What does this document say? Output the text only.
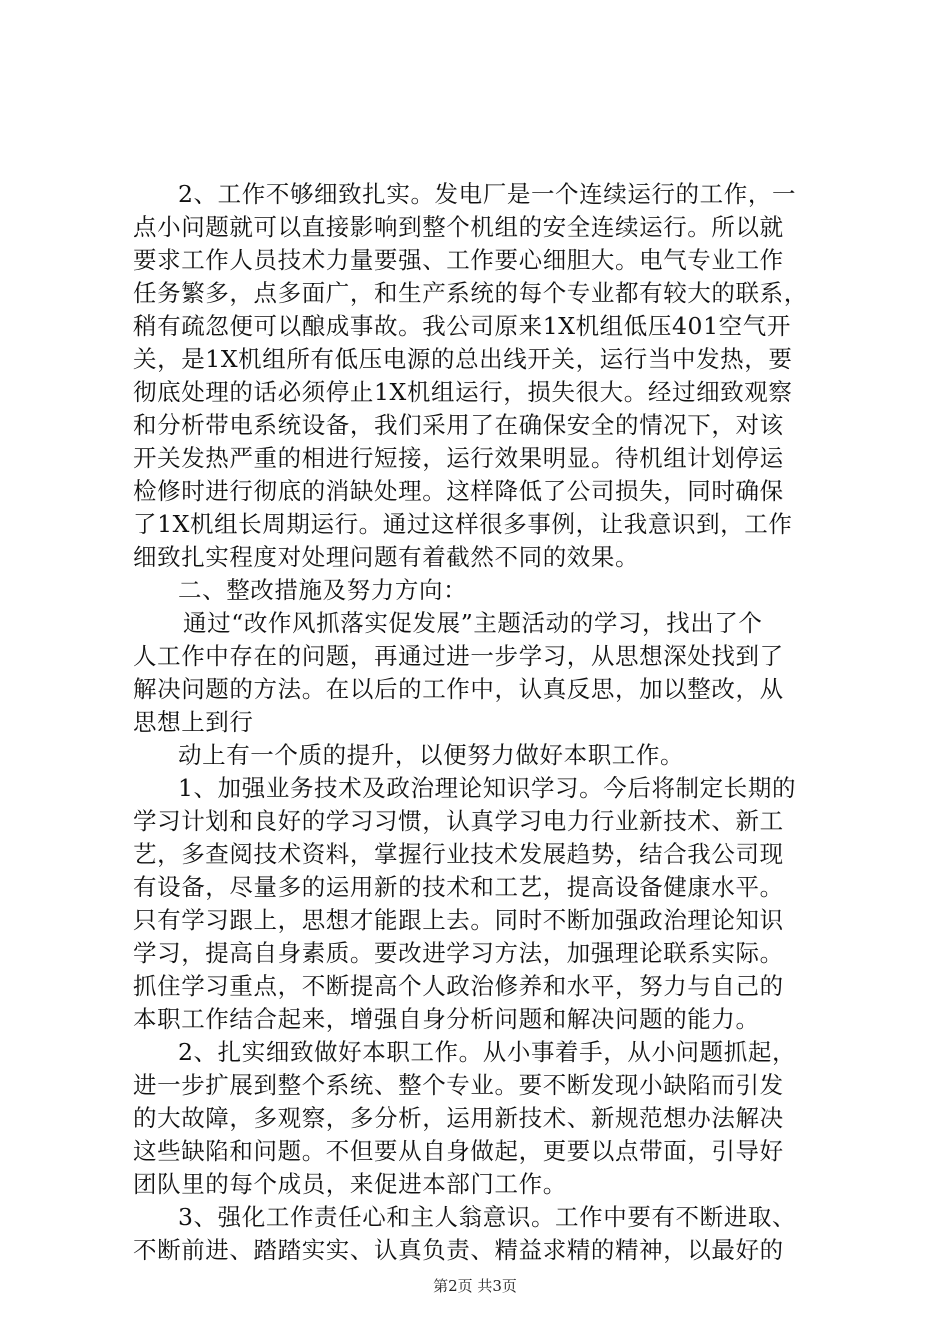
2、工作不够细致扎实。发电厂是一个连续运行的工作，一
点小问题就可以直接影响到整个机组的安全连续运行。所以就
要求工作人员技术力量要强、工作要心细胆大。电气专业工作
任务繁多，点多面广，和生产系统的每个专业都有较大的联系，
稍有疏忽便可以酿成事故。我公司原来1X机组低压401空气开
关，是1X机组所有低压电源的总出线开关，运行当中发热，要
彻底处理的话必须停止1X机组运行，损失很大。经过细致观察
和分析带电系统设备，我们采用了在确保安全的情况下，对该
开关发热严重的相进行短接，运行效果明显。待机组计划停运
检修时进行彻底的消缺处理。这样降低了公司损失，同时确保
了1X机组长周期运行。通过这样很多事例，让我意识到，工作
细致扎实程度对处理问题有着截然不同的效果。
二、整改措施及努力方向：
通过“改作风抓落实促发展”主题活动的学习，找出了个
人工作中存在的问题，再通过进一步学习，从思想深处找到了
解决问题的方法。在以后的工作中，认真反思，加以整改，从
思想上到行
动上有一个质的提升，以便努力做好本职工作。
1、加强业务技术及政治理论知识学习。今后将制定长期的
学习计划和良好的学习习惯，认真学习电力行业新技术、新工
艺，多查阅技术资料，掌握行业技术发展趋势，结合我公司现
有设备，尽量多的运用新的技术和工艺，提高设备健康水平。
只有学习跟上，思想才能跟上去。同时不断加强政治理论知识
学习，提高自身素质。要改进学习方法，加强理论联系实际。
抓住学习重点，不断提高个人政治修养和水平，努力与自己的
本职工作结合起来，增强自身分析问题和解决问题的能力。
2、扎实细致做好本职工作。从小事着手，从小问题抓起，
进一步扩展到整个系统、整个专业。要不断发现小缺陷而引发
的大故障，多观察，多分析，运用新技术、新规范想办法解决
这些缺陷和问题。不但要从自身做起，更要以点带面，引导好
团队里的每个成员，来促进本部门工作。
3、强化工作责任心和主人翁意识。工作中要有不断进取、
不断前进、踏踏实实、认真负责、精益求精的精神，以最好的
第2页 共3页
